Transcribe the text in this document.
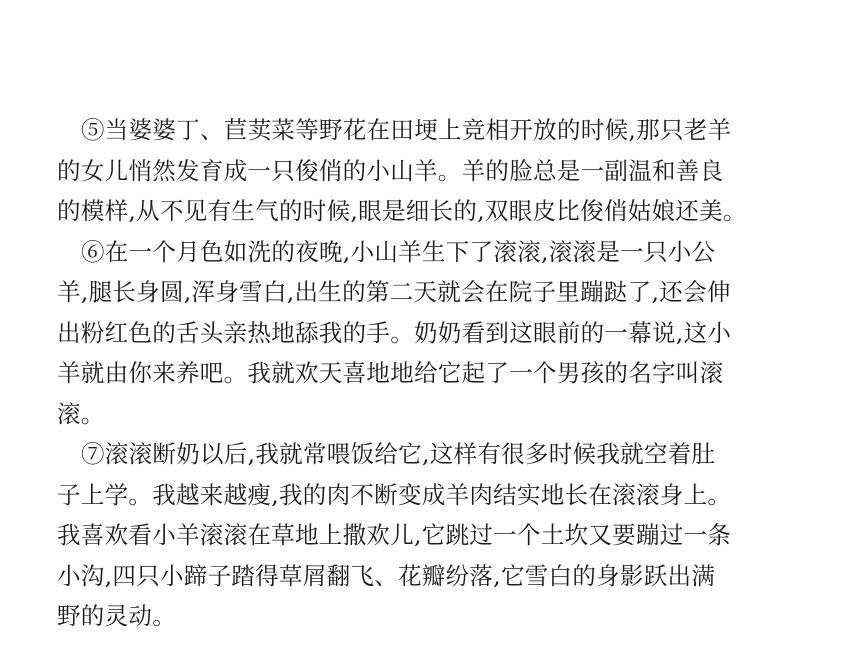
⑤当婆婆丁、苣荬菜等野花在田埂上竞相开放的时候,那只老羊
的女儿悄然发育成一只俊俏的小山羊。羊的脸总是一副温和善良
的模样,从不见有生气的时候,眼是细长的,双眼皮比俊俏姑娘还美。
⑥在一个月色如洗的夜晚,小山羊生下了滚滚,滚滚是一只小公
羊,腿长身圆,浑身雪白,出生的第二天就会在院子里蹦跶了,还会伸
出粉红色的舌头亲热地舔我的手。奶奶看到这眼前的一幕说,这小
羊就由你来养吧。我就欢天喜地地给它起了一个男孩的名字叫滚
滚。
⑦滚滚断奶以后,我就常喂饭给它,这样有很多时候我就空着肚
子上学。我越来越瘦,我的肉不断变成羊肉结实地长在滚滚身上。
我喜欢看小羊滚滚在草地上撒欢儿,它跳过一个土坎又要蹦过一条
小沟,四只小蹄子踏得草屑翻飞、花瓣纷落,它雪白的身影跃出满
野的灵动。
